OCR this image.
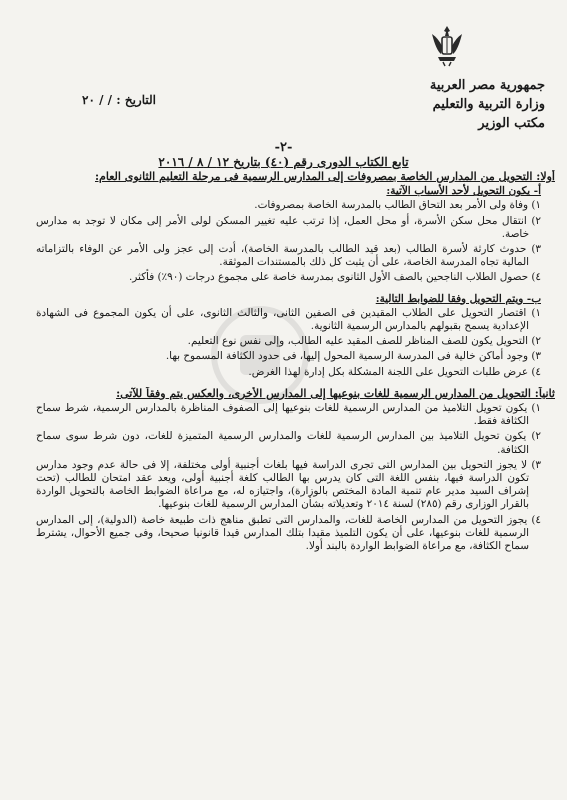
جمهورية مصر العربية
وزارة التربية والتعليم
مكتب الوزير
التاريخ : / / ٢٠
-٢-
تابع الكتاب الدورى رقم (٤٠) بتاريخ ١٢ / ٨ / ٢٠١٦
أولا: التحويل من المدارس الخاصة بمصروفات إلى المدارس الرسمية فى مرحلة التعليم الثانوى العام:
أ- يكون التحويل لأحد الأسباب الآتية:
١) وفاة ولى الأمر بعد التحاق الطالب بالمدرسة الخاصة بمصروفات.
٢) انتقال محل سكن الأسرة، أو محل العمل، إذا ترتب عليه تغيير المسكن لولى الأمر إلى مكان لا توجد به مدارس خاصة.
٣) حدوث كارثة لأسرة الطالب (بعد قيد الطالب بالمدرسة الخاصة)، أدت إلى عجز ولى الأمر عن الوفاء بالتزاماته المالية تجاه المدرسة الخاصة، على أن يثبت كل ذلك بالمستندات الموثقة.
٤) حصول الطلاب الناجحين بالصف الأول الثانوى بمدرسة خاصة على مجموع درجات (٩٠٪) فأكثر.
ب- ويتم التحويل وفقا للضوابط التالية:
١) اقتصار التحويل على الطلاب المقيدين فى الصفين الثانى، والثالث الثانوى، على أن يكون المجموع فى الشهادة الإعدادية يسمح بقبولهم بالمدارس الرسمية الثانوية.
٢) التحويل يكون للصف المناظر للصف المقيد عليه الطالب، وإلى نفس نوع التعليم.
٣) وجود أماكن خالية فى المدرسة الرسمية المحول إليها، فى حدود الكثافة المسموح بها.
٤) عرض طلبات التحويل على اللجنة المشكلة بكل إدارة لهذا الغرض.
ثانياً: التحويل من المدارس الرسمية للغات بنوعيها إلى المدارس الأخرى، والعكس يتم وفقاً للآتى:
١) يكون تحويل التلاميذ من المدارس الرسمية للغات بنوعيها إلى الصفوف المناظرة بالمدارس الرسمية، شرط سماح الكثافة فقط.
٢) يكون تحويل التلاميذ بين المدارس الرسمية للغات والمدارس الرسمية المتميزة للغات، دون شرط سوى سماح الكثافة.
٣) لا يجوز التحويل بين المدارس التى تجرى الدراسة فيها بلغات أجنبية أولى مختلفة، إلا فى حالة عدم وجود مدارس تكون الدراسة فيها، بنفس اللغة التى كان يدرس بها الطالب كلغة أجنبية أولى، ويعد عقد امتحان للطالب (تحت إشراف السيد مدير عام تنمية المادة المختص بالوزارة)، واجتيازه له، مع مراعاة الضوابط الخاصة بالتحويل الواردة بالقرار الوزارى رقم (٢٨٥) لسنة ٢٠١٤ وتعديلاته بشأن المدارس الرسمية للغات بنوعيها.
٤) يجوز التحويل من المدارس الخاصة للغات، والمدارس التى تطبق مناهج ذات طبيعة خاصة (الدولية)، إلى المدارس الرسمية للغات بنوعيها، على أن يكون التلميذ مقيدا بتلك المدارس قيدا قانونيا صحيحا، وفى جميع الأحوال، يشترط سماح الكثافة، مع مراعاة الضوابط الواردة بالبند أولا.
